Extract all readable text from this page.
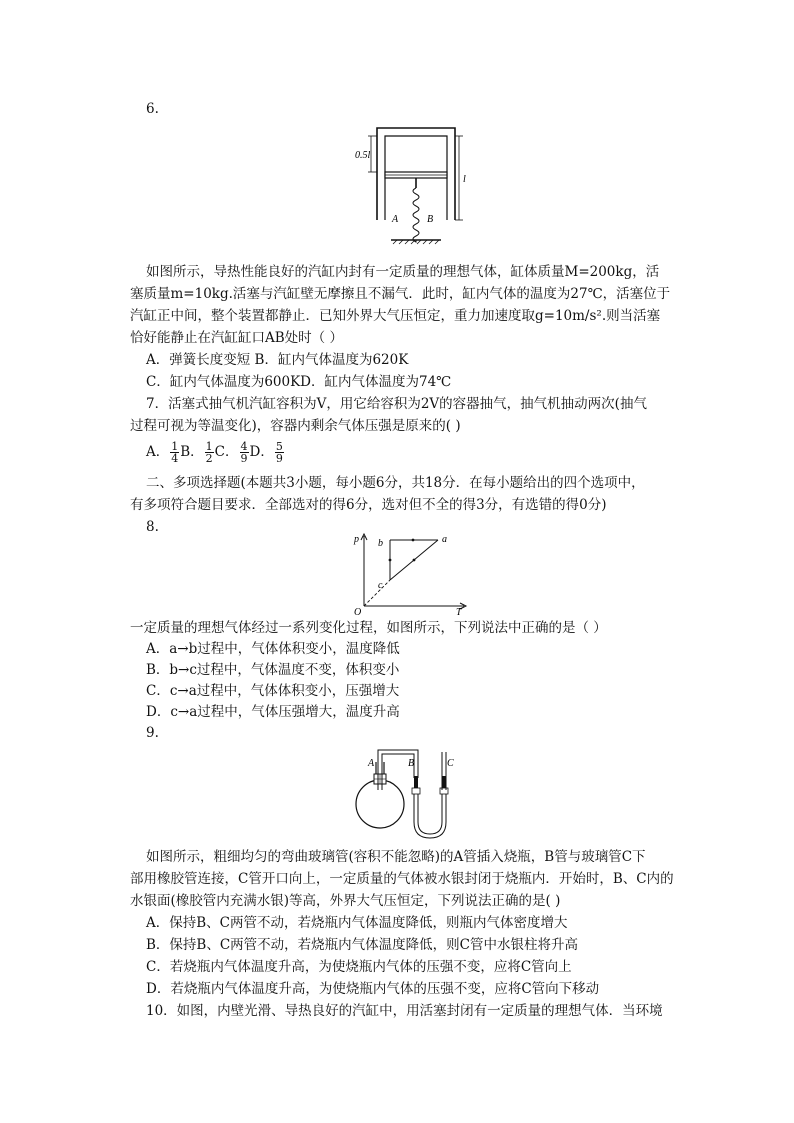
6.
0.5l
l
A	B
如图所示，导热性能良好的汽缸内封有一定质量的理想气体，缸体质量M=200kg，活
塞质量m=10kg.活塞与汽缸壁无摩擦且不漏气．此时，缸内气体的温度为27℃，活塞位于
汽缸正中间，整个装置都静止．已知外界大气压恒定，重力加速度取g=10m/s².则当活塞
恰好能静止在汽缸缸口AB处时（ ）
A．弹簧长度变短 B．缸内气体温度为620K
C．缸内气体温度为600KD．缸内气体温度为74℃
7．活塞式抽气机汽缸容积为V，用它给容积为2V的容器抽气，抽气机抽动两次(抽气
过程可视为等温变化)，容器内剩余气体压强是原来的( )
A． $\frac{1}{4}$ B． $\frac{1}{2}$ C． $\frac{4}{9}$ D． $\frac{5}{9}$
二、多项选择题(本题共3小题，每小题6分，共18分．在每小题给出的四个选项中，
有多项符合题目要求．全部选对的得6分，选对但不全的得3分，有选错的得0分)
8.
p
T
O
a
b
c
一定质量的理想气体经过一系列变化过程，如图所示，下列说法中正确的是（ ）
A．a→b过程中，气体体积变小，温度降低
B．b→c过程中，气体温度不变，体积变小
C．c→a过程中，气体体积变小，压强增大
D．c→a过程中，气体压强增大，温度升高
9.
A	B	C
如图所示，粗细均匀的弯曲玻璃管(容积不能忽略)的A管插入烧瓶，B管与玻璃管C下
部用橡胶管连接，C管开口向上，一定质量的气体被水银封闭于烧瓶内．开始时，B、C内的
水银面(橡胶管内充满水银)等高，外界大气压恒定，下列说法正确的是( )
A．保持B、C两管不动，若烧瓶内气体温度降低，则瓶内气体密度增大
B．保持B、C两管不动，若烧瓶内气体温度降低，则C管中水银柱将升高
C．若烧瓶内气体温度升高，为使烧瓶内气体的压强不变，应将C管向上
D．若烧瓶内气体温度升高，为使烧瓶内气体的压强不变，应将C管向下移动
10．如图，内壁光滑、导热良好的汽缸中，用活塞封闭有一定质量的理想气体．当环境
